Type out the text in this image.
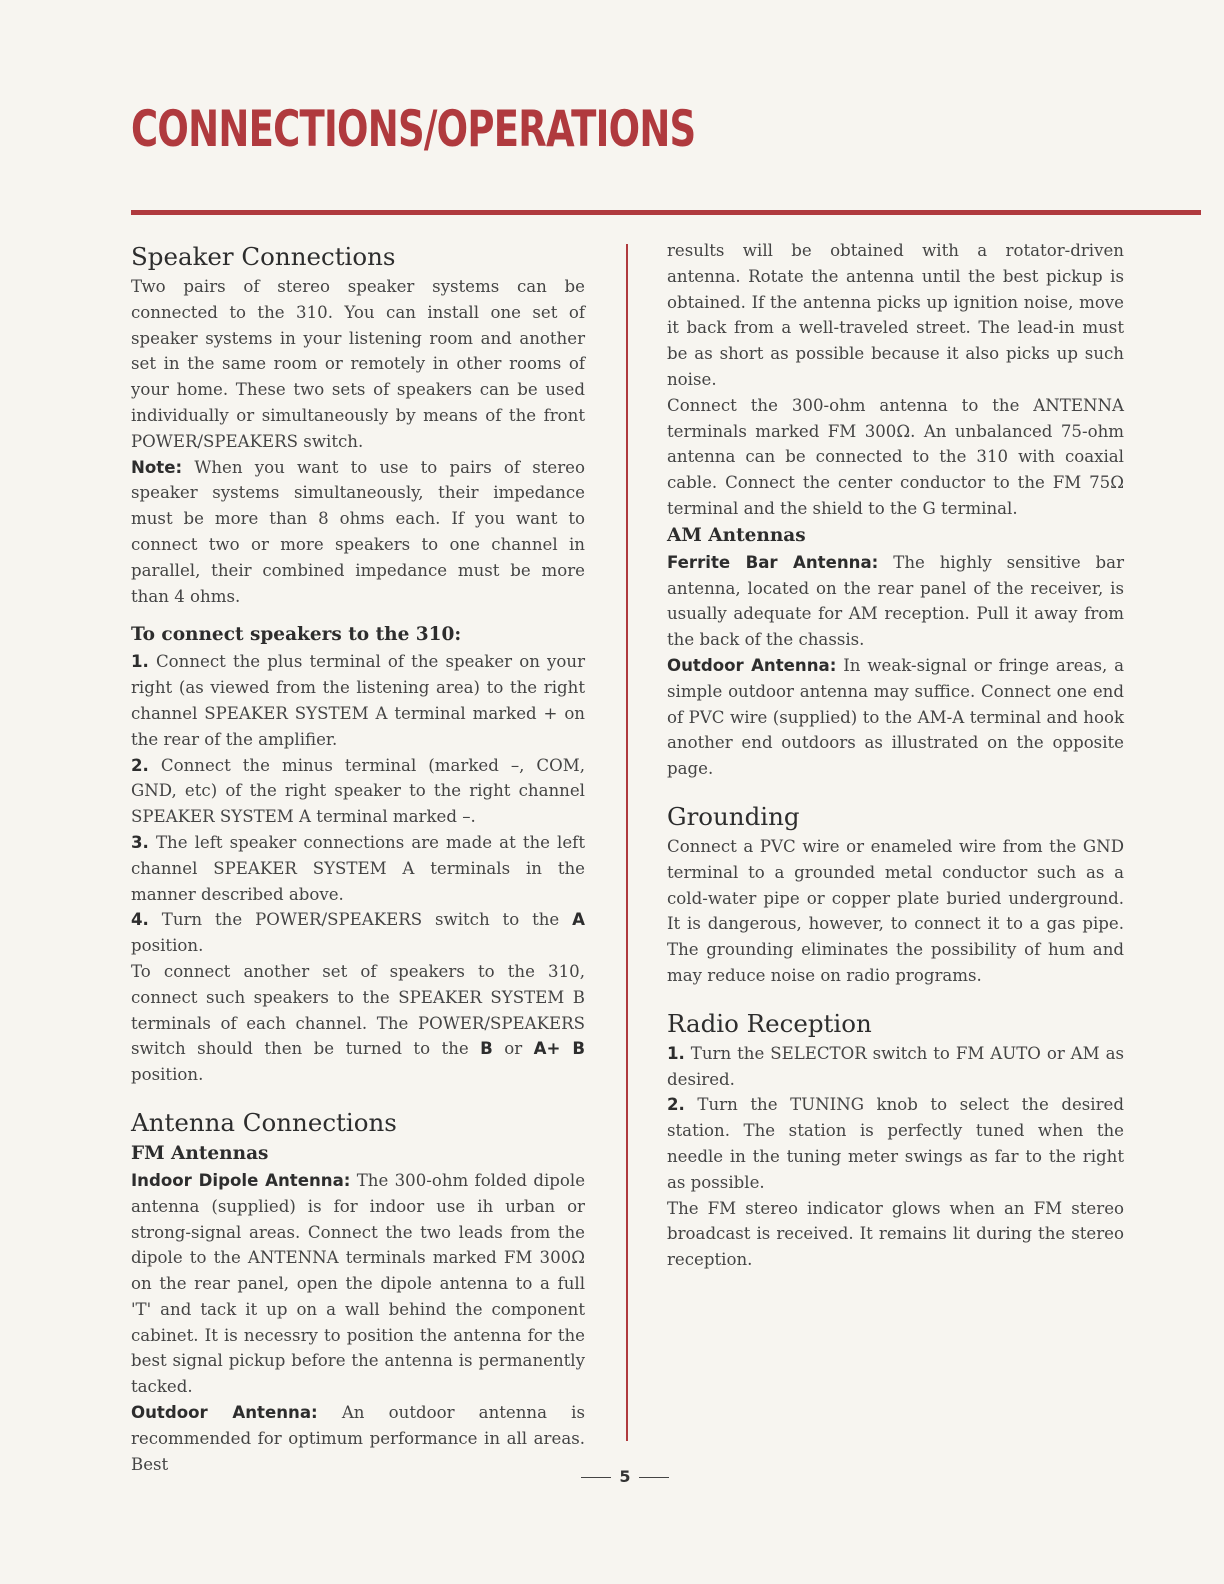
CONNECTIONS/OPERATIONS
Speaker Connections

Two pairs of stereo speaker systems can be connected to the 310. You can install one set of speaker systems in your listening room and another set in the same room or remotely in other rooms of your home. These two sets of speakers can be used individually or simultaneously by means of the front POWER/SPEAKERS switch.

Note: When you want to use to pairs of stereo speaker systems simultaneously, their impedance must be more than 8 ohms each. If you want to connect two or more speakers to one channel in parallel, their combined impedance must be more than 4 ohms.

To connect speakers to the 310:

1. Connect the plus terminal of the speaker on your right (as viewed from the listening area) to the right channel SPEAKER SYSTEM A terminal marked + on the rear of the amplifier.

2. Connect the minus terminal (marked –, COM, GND, etc) of the right speaker to the right channel SPEAKER SYSTEM A terminal marked –.

3. The left speaker connections are made at the left channel SPEAKER SYSTEM A terminals in the manner described above.

4. Turn the POWER/SPEAKERS switch to the A position.

To connect another set of speakers to the 310, connect such speakers to the SPEAKER SYSTEM B terminals of each channel. The POWER/SPEAKERS switch should then be turned to the B or A+ B position.

Antenna Connections
FM Antennas

Indoor Dipole Antenna: The 300-ohm folded dipole antenna (supplied) is for indoor use ih urban or strong-signal areas. Connect the two leads from the dipole to the ANTENNA terminals marked FM 300Ω on the rear panel, open the dipole antenna to a full 'T' and tack it up on a wall behind the component cabinet. It is necessry to position the antenna for the best signal pickup before the antenna is permanently tacked.

Outdoor Antenna: An outdoor antenna is recommended for optimum performance in all areas. Best

results will be obtained with a rotator-driven antenna. Rotate the antenna until the best pickup is obtained. If the antenna picks up ignition noise, move it back from a well-traveled street. The lead-in must be as short as possible because it also picks up such noise.

Connect the 300-ohm antenna to the ANTENNA terminals marked FM 300Ω. An unbalanced 75-ohm antenna can be connected to the 310 with coaxial cable. Connect the center conductor to the FM 75Ω terminal and the shield to the G terminal.

AM Antennas

Ferrite Bar Antenna: The highly sensitive bar antenna, located on the rear panel of the receiver, is usually adequate for AM reception. Pull it away from the back of the chassis.

Outdoor Antenna: In weak-signal or fringe areas, a simple outdoor antenna may suffice. Connect one end of PVC wire (supplied) to the AM-A terminal and hook another end outdoors as illustrated on the opposite page.

Grounding

Connect a PVC wire or enameled wire from the GND terminal to a grounded metal conductor such as a cold-water pipe or copper plate buried underground. It is dangerous, however, to connect it to a gas pipe. The grounding eliminates the possibility of hum and may reduce noise on radio programs.

Radio Reception

1. Turn the SELECTOR switch to FM AUTO or AM as desired.

2. Turn the TUNING knob to select the desired station. The station is perfectly tuned when the needle in the tuning meter swings as far to the right as possible.

The FM stereo indicator glows when an FM stereo broadcast is received. It remains lit during the stereo reception.

5
